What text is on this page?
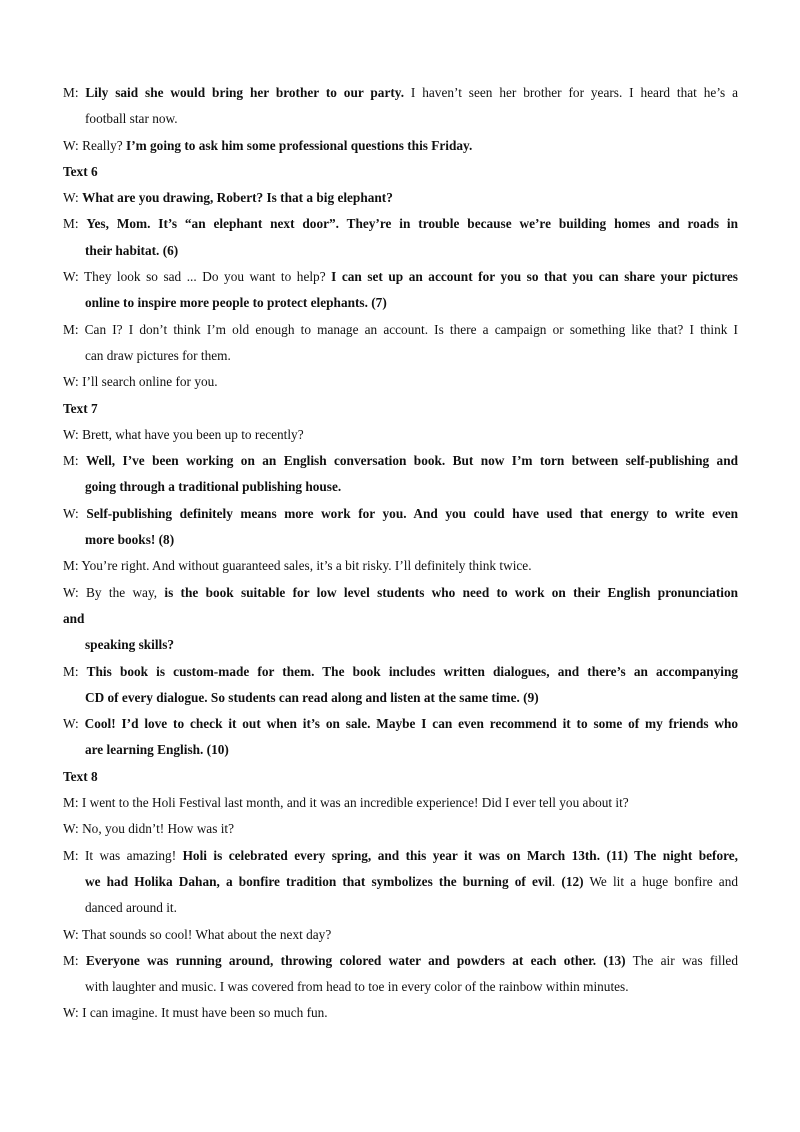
M: Lily said she would bring her brother to our party. I haven’t seen her brother for years. I heard that he’s a
football star now.
W: Really? I’m going to ask him some professional questions this Friday.
Text 6
W: What are you drawing, Robert? Is that a big elephant?
M: Yes, Mom. It’s “an elephant next door”. They’re in trouble because we’re building homes and roads in
their habitat. (6)
W: They look so sad ... Do you want to help? I can set up an account for you so that you can share your pictures
online to inspire more people to protect elephants. (7)
M: Can I? I don’t think I’m old enough to manage an account. Is there a campaign or something like that? I think I
can draw pictures for them.
W: I’ll search online for you.
Text 7
W: Brett, what have you been up to recently?
M: Well, I’ve been working on an English conversation book. But now I’m torn between self-publishing and
going through a traditional publishing house.
W: Self-publishing definitely means more work for you. And you could have used that energy to write even
more books! (8)
M: You’re right. And without guaranteed sales, it’s a bit risky. I’ll definitely think twice.
W: By the way, is the book suitable for low level students who need to work on their English pronunciation
and
speaking skills?
M: This book is custom-made for them. The book includes written dialogues, and there’s an accompanying
CD of every dialogue. So students can read along and listen at the same time. (9)
W: Cool! I’d love to check it out when it’s on sale. Maybe I can even recommend it to some of my friends who
are learning English. (10)
Text 8
M: I went to the Holi Festival last month, and it was an incredible experience! Did I ever tell you about it?
W: No, you didn’t! How was it?
M: It was amazing! Holi is celebrated every spring, and this year it was on March 13th. (11) The night before,
we had Holika Dahan, a bonfire tradition that symbolizes the burning of evil. (12) We lit a huge bonfire and
danced around it.
W: That sounds so cool! What about the next day?
M: Everyone was running around, throwing colored water and powders at each other. (13) The air was filled
with laughter and music. I was covered from head to toe in every color of the rainbow within minutes.
W: I can imagine. It must have been so much fun.
